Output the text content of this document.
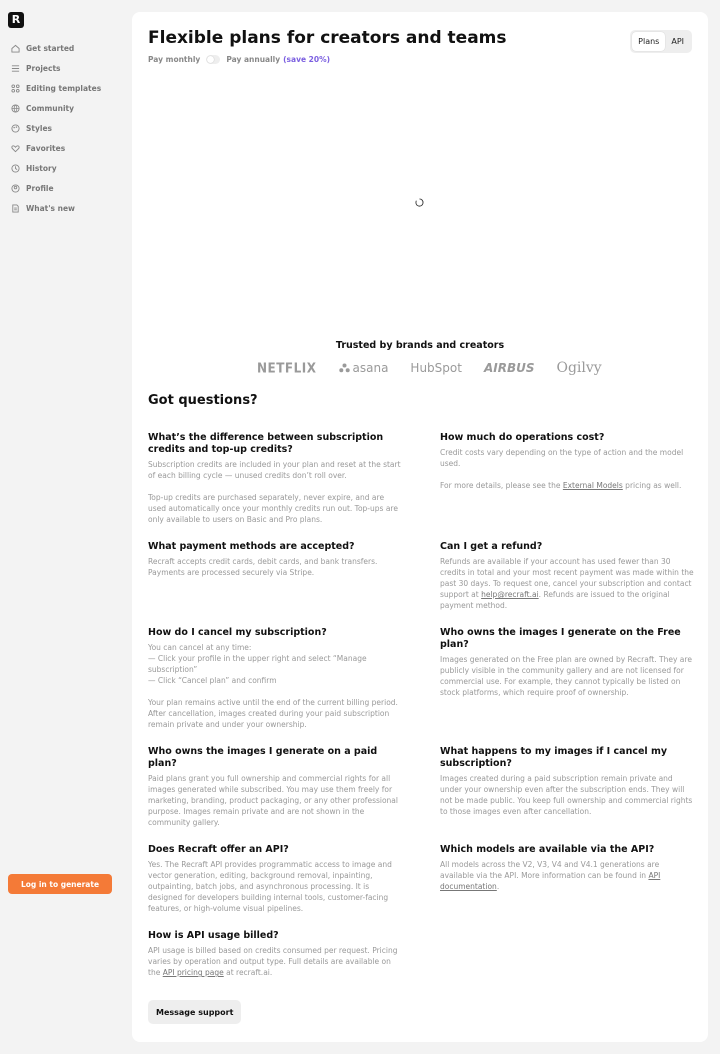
R
Get started
Projects
Editing templates
Community
Styles
Favorites
History
Profile
What's new
Log in to generate
Flexible plans for creators and teams
Pay monthly	Pay annually (save 20%)
Plans	API
Trusted by brands and creators
NETFLIX	asana HubSpot AIRBUS Ogilvy
Got questions?
What’s the difference between subscription credits and top-up credits?

Subscription credits are included in your plan and reset at the start of each billing cycle — unused credits don’t roll over.

Top-up credits are purchased separately, never expire, and are used automatically once your monthly credits run out. Top-ups are only available to users on Basic and Pro plans.

How much do operations cost?

Credit costs vary depending on the type of action and the model used.

For more details, please see the External Models pricing as well.

What payment methods are accepted?

Recraft accepts credit cards, debit cards, and bank transfers. Payments are processed securely via Stripe.

Can I get a refund?

Refunds are available if your account has used fewer than 30 credits in total and your most recent payment was made within the past 30 days. To request one, cancel your subscription and contact support at help@recraft.ai. Refunds are issued to the original payment method.

How do I cancel my subscription?

You can cancel at any time:
— Click your profile in the upper right and select “Manage subscription”
— Click “Cancel plan” and confirm

Your plan remains active until the end of the current billing period. After cancellation, images created during your paid subscription remain private and under your ownership.

Who owns the images I generate on the Free plan?

Images generated on the Free plan are owned by Recraft. They are publicly visible in the community gallery and are not licensed for commercial use. For example, they cannot typically be listed on stock platforms, which require proof of ownership.

Who owns the images I generate on a paid plan?

Paid plans grant you full ownership and commercial rights for all images generated while subscribed. You may use them freely for marketing, branding, product packaging, or any other professional purpose. Images remain private and are not shown in the community gallery.

What happens to my images if I cancel my subscription?

Images created during a paid subscription remain private and under your ownership even after the subscription ends. They will not be made public. You keep full ownership and commercial rights to those images even after cancellation.

Does Recraft offer an API?

Yes. The Recraft API provides programmatic access to image and vector generation, editing, background removal, inpainting, outpainting, batch jobs, and asynchronous processing. It is designed for developers building internal tools, customer-facing features, or high-volume visual pipelines.

Which models are available via the API?

All models across the V2, V3, V4 and V4.1 generations are available via the API. More information can be found in API documentation.

How is API usage billed?

API usage is billed based on credits consumed per request. Pricing varies by operation and output type. Full details are available on the API pricing page at recraft.ai.

Message support
